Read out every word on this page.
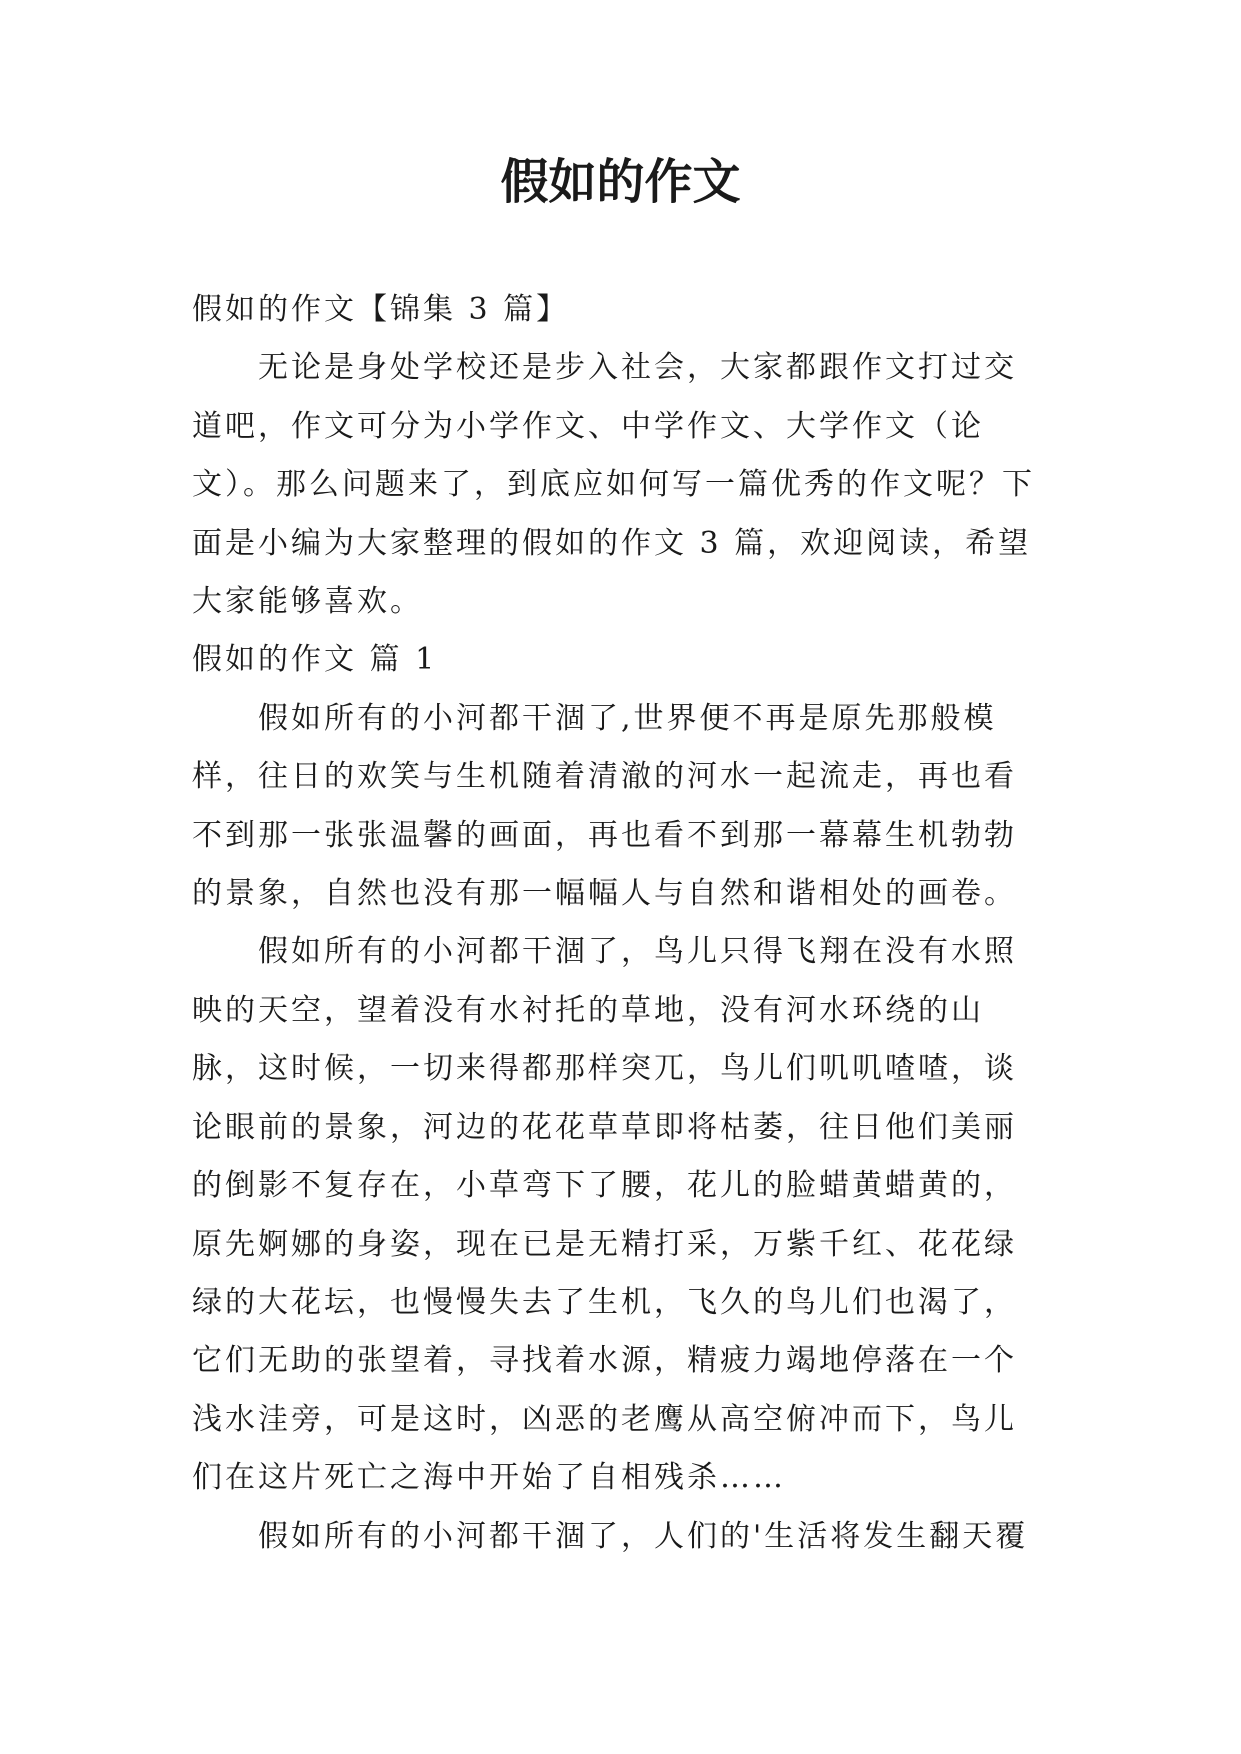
假如的作文

假如的作文【锦集 3 篇】

无论是身处学校还是步入社会，大家都跟作文打过交道吧，作文可分为小学作文、中学作文、大学作文（论文）。那么问题来了，到底应如何写一篇优秀的作文呢？下面是小编为大家整理的假如的作文 3 篇，欢迎阅读，希望大家能够喜欢。

假如的作文 篇 1

假如所有的小河都干涸了,世界便不再是原先那般模样，往日的欢笑与生机随着清澈的河水一起流走，再也看不到那一张张温馨的画面，再也看不到那一幕幕生机勃勃的景象，自然也没有那一幅幅人与自然和谐相处的画卷。

假如所有的小河都干涸了，鸟儿只得飞翔在没有水照映的天空，望着没有水衬托的草地，没有河水环绕的山脉，这时候，一切来得都那样突兀，鸟儿们叽叽喳喳，谈论眼前的景象，河边的花花草草即将枯萎，往日他们美丽的倒影不复存在，小草弯下了腰，花儿的脸蜡黄蜡黄的，原先婀娜的身姿，现在已是无精打采，万紫千红、花花绿绿的大花坛，也慢慢失去了生机，飞久的鸟儿们也渴了，它们无助的张望着，寻找着水源，精疲力竭地停落在一个浅水洼旁，可是这时，凶恶的老鹰从高空俯冲而下，鸟儿们在这片死亡之海中开始了自相残杀……

假如所有的小河都干涸了，人们的'生活将发生翻天覆
